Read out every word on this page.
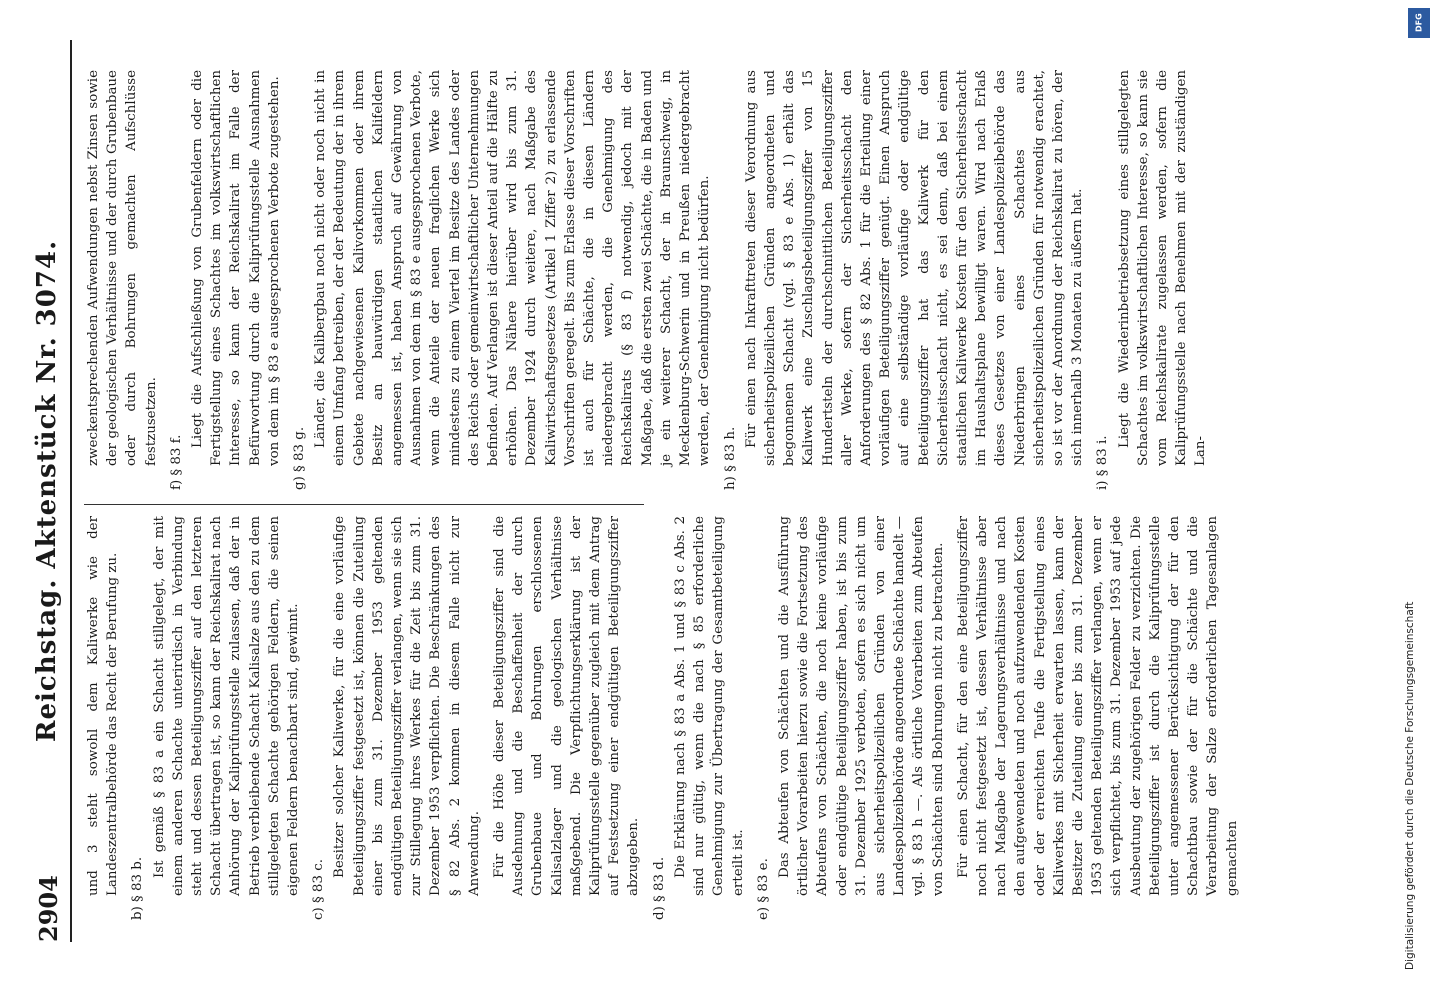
2904
Reichstag. Aktenstück Nr. 3074. und 3 steht sowohl dem Kaliwerke wie der Landeszentralbehörde das Recht der Berufung zu. b) § 83 b.
Ist gemäß § 83 a ein Schacht stillgelegt, der mit einem anderen Schachte unterirdisch in Verbindung steht und dessen Beteiligungsziffer auf den letzteren Schacht übertragen ist, so kann der Reichskalirat nach Anhörung der Kaliprüfungsstelle zulassen, daß der in Betrieb verbleibende Schacht Kalisalze aus den zu dem stillgelegten Schachte gehörigen Feldern, die seinen eigenen Feldern benachbart sind, gewinnt. c) § 83 c.
Besitzer solcher Kaliwerke, für die eine vorläufige Beteiligungsziffer festgesetzt ist, können die Zuteilung einer bis zum 31. Dezember 1953 geltenden endgültigen Beteiligungsziffer verlangen, wenn sie sich zur Stillegung ihres Werkes für die Zeit bis zum 31. Dezember 1953 verpflichten. Die Beschränkungen des § 82 Abs. 2 kommen in diesem Falle nicht zur Anwendung. Für die Höhe dieser Beteiligungsziffer sind die Ausdehnung und die Beschaffenheit der durch Grubenbaue und Bohrungen erschlossenen Kalisalzlager und die geologischen Verhältnisse maßgebend. Die Verpflichtungserklärung ist der Kaliprüfungsstelle gegenüber zugleich mit dem Antrag auf Festsetzung einer endgültigen Beteiligungsziffer abzugeben. d) § 83 d.
Die Erklärung nach § 83 a Abs. 1 und § 83 c Abs. 2 sind nur gültig, wenn die nach § 85 erforderliche Genehmigung zur Übertragung der Gesamtbeteiligung erteilt ist. e) § 83 e.
Das Abteufen von Schächten und die Ausführung örtlicher Vorarbeiten hierzu sowie die Fortsetzung des Abteufens von Schächten, die noch keine vorläufige oder endgültige Beteiligungsziffer haben, ist bis zum 31. Dezember 1925 verboten, sofern es sich nicht um aus sicherheitspolizeilichen Gründen von einer Landespolizeibehörde angeordnete Schächte handelt — vgl. § 83 h —. Als örtliche Vorarbeiten zum Abteufen von Schächten sind Bohrungen nicht zu betrachten. Für einen Schacht, für den eine Beteiligungsziffer noch nicht festgesetzt ist, dessen Verhältnisse aber nach Maßgabe der Lagerungsverhältnisse und nach den aufgewendeten und noch aufzuwendenden Kosten oder der erreichten Teufe die Fertigstellung eines Kaliwerkes mit Sicherheit erwarten lassen, kann der Besitzer die Zuteilung einer bis zum 31. Dezember 1953 geltenden Beteiligungsziffer verlangen, wenn er sich verpflichtet, bis zum 31. Dezember 1953 auf jede Ausbeutung der zugehörigen Felder zu verzichten. Die Beteiligungsziffer ist durch die Kaliprüfungsstelle unter angemessener Berücksichtigung der für den Schachtbau sowie der für die Schächte und die Verarbeitung der Salze erforderlichen Tagesanlagen gemachten
zweckentsprechenden Aufwendungen nebst Zinsen sowie der geologischen Verhältnisse und der durch Grubenbaue oder durch Bohrungen gemachten Aufschlüsse festzusetzen. f) § 83 f.
Liegt die Aufschließung von Grubenfeldern oder die Fertigstellung eines Schachtes im volkswirtschaftlichen Interesse, so kann der Reichskalirat im Falle der Befürwortung durch die Kaliprüfungsstelle Ausnahmen von dem im § 83 e ausgesprochenen Verbote zugestehen. g) § 83 g.
Länder, die Kalibergbau noch nicht oder noch nicht in einem Umfang betreiben, der der Bedeutung der in ihrem Gebiete nachgewiesenen Kalivorkommen oder ihrem Besitz an bauwürdigen staatlichen Kalifeldern angemessen ist, haben Anspruch auf Gewährung von Ausnahmen von dem im § 83 e ausgesprochenen Verbote, wenn die Anteile der neuen fraglichen Werke sich mindestens zu einem Viertel im Besitze des Landes oder des Reichs oder gemeinwirtschaftlicher Unternehmungen befinden. Auf Verlangen ist dieser Anteil auf die Hälfte zu erhöhen. Das Nähere hierüber wird bis zum 31. Dezember 1924 durch weitere, nach Maßgabe des Kaliwirtschaftsgesetzes (Artikel 1 Ziffer 2) zu erlassende Vorschriften geregelt. Bis zum Erlasse dieser Vorschriften ist auch für Schächte, die in diesen Ländern niedergebracht werden, die Genehmigung des Reichskalirats (§ 83 f) notwendig, jedoch mit der Maßgabe, daß die ersten zwei Schächte, die in Baden und je ein weiterer Schacht, der in Braunschweig, in Mecklenburg-Schwerin und in Preußen niedergebracht werden, der Genehmigung nicht bedürfen. h) § 83 h.
Für einen nach Inkrafttreten dieser Verordnung aus sicherheitspolizeilichen Gründen angeordneten und begonnenen Schacht (vgl. § 83 e Abs. 1) erhält das Kaliwerk eine Zuschlagsbeteiligungsziffer von 15 Hundertsteln der durchschnittlichen Beteiligungsziffer aller Werke, sofern der Sicherheitsschacht den Anforderungen des § 82 Abs. 1 für die Erteilung einer vorläufigen Beteiligungsziffer genügt. Einen Anspruch auf eine selbständige vorläufige oder endgültige Beteiligungsziffer hat das Kaliwerk für den Sicherheitsschacht nicht, es sei denn, daß bei einem staatlichen Kaliwerke Kosten für den Sicherheitsschacht im Haushaltsplane bewilligt waren. Wird nach Erlaß dieses Gesetzes von einer Landespolizeibehörde das Niederbringen eines Schachtes aus sicherheitspolizeilichen Gründen für notwendig erachtet, so ist vor der Anordnung der Reichskalirat zu hören, der sich innerhalb 3 Monaten zu äußern hat. i) § 83 i.
Liegt die Wiederinbetriebsetzung eines stillgelegten Schachtes im volkswirtschaftlichen Interesse, so kann sie vom Reichskalirate zugelassen werden, sofern die Kaliprüfungsstelle nach Benehmen mit der zuständigen Lan-
DFG
Digitalisierung gefördert durch die Deutsche Forschungsgemeinschaft
